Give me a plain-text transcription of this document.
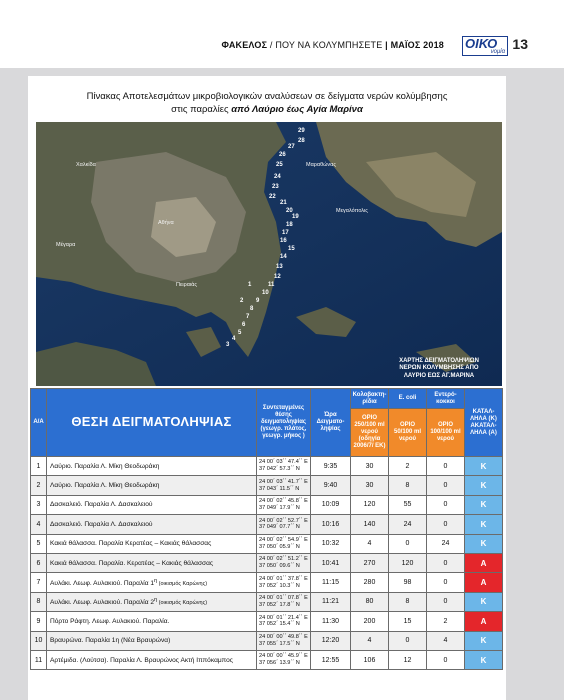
ΦΑΚΕΛΟΣ / ΠΟΥ ΝΑ ΚΟΛΥΜΠΗΣΕΤΕ | ΜΑΪΟΣ 2018 ΟΙΚΟ
νομία 13
Πίνακας Αποτελεσμάτων μικροβιολογικών αναλύσεων σε δείγματα νερών κολύμβησης
στις παραλίες από Λαύριο έως Αγία Μαρίνα
29
28
27
26
25
24
23
22
21
20
19
18
17
16
15
14
13
12
11
10
9
8
7
6
5
4
3
2
1
Αθήνα
Χαλκίδα
Μεγαλόπολις
Μαραθώνας
Μέγαρα
Πειραιάς
ΧΑΡΤΗΣ ΔΕΙΓΜΑΤΟΛΗΨΙΩΝ
ΝΕΡΩΝ ΚΟΛΥΜΒΗΣΗΣ ΑΠΟ
ΛΑΥΡΙΟ ΕΩΣ ΑΓ.ΜΑΡΙΝΑ
Α/Α	ΘΕΣΗ ΔΕΙΓΜΑΤΟΛΗΨΙΑΣ	Συντεταγμένες θέσης δειγματοληψίας (γεωγρ. πλάτος, γεωγρ. μήκος )	Ώρα Δειγματο-ληψίας	Κολοβακτη-ρίδια	E. coli	Εντερό-κοκκοι	ΚΑΤΑΛ-ΛΗΛΑ (Κ) ΑΚΑΤΑΛ-ΛΗΛΑ (Α)
				ΟΡΙΟ 250/100 ml νερού (οδηγία 2006/7/ ΕΚ)	ΟΡΙΟ 50/100 ml νερού	ΟΡΙΟ 100/100 ml νερού	
1	Λαύριο. Παραλία Λ. Μίκη Θεοδωράκη	24 00΄ 03΄΄ 47.4΄΄ Ε
37 042΄ 57.3΄΄ Ν	9:35	30	2	0	Κ
2	Λαύριο. Παραλία Λ. Μίκη Θεοδωράκη	24 00΄ 03΄΄ 41.7΄΄ Ε
37 043΄ 11.5΄΄ Ν	9:40	30	8	0	Κ
3	Δασκαλειό. Παραλία Λ. Δασκαλειού	24 00΄ 02΄΄ 45.8΄΄ Ε
37 049΄ 17.9΄΄ Ν	10:09	120	55	0	Κ
4	Δασκαλειό. Παραλία Λ. Δασκαλειού	24 00΄ 02΄΄ 52.7΄΄ Ε
37 049΄ 07.7΄΄ Ν	10:16	140	24	0	Κ
5	Κακιά θάλασσα. Παραλία Κερατέας – Κακιάς θάλασσας	24 00΄ 02΄΄ 54.9΄΄ Ε
37 050΄ 05.9΄΄ Ν	10:32	4	0	24	Κ
6	Κακιά θάλασσα. Παραλία. Κερατέας – Κακιάς θάλασσας	24 00΄ 02΄΄ 51.2΄΄ Ε
37 050΄ 09.6΄΄ Ν	10:41	270	120	0	Α
7	Αυλάκι. Λεωφ. Αυλακιού. Παραλία $1^\eta$ (οικισμός Καρώνης)	24 00΄ 01΄΄ 37.8΄΄ Ε
37 052΄ 10.3΄΄ Ν	11:15	280	98	0	Α
8	Αυλάκι. Λεωφ. Αυλακιού. Παραλία $2^\eta$ (οικισμός Καρώνης)	24 00΄ 01΄΄ 07.8΄΄ Ε
37 052΄ 17.8΄΄ Ν	11:21	80	8	0	Κ
9	Πόρτο Ράφτη. Λεωφ. Αυλακιού. Παραλία.	24 00΄ 01΄΄ 21.4΄΄ Ε
37 052΄ 15.4΄΄ Ν	11:30	200	15	2	Α
10	Βραυρώνα. Παραλία 1η (Νέα Βραυρώνα)	24 00΄ 00΄΄ 49.8΄΄ Ε
37 055΄ 17.5΄΄ Ν	12:20	4	0	4	Κ
11	Αρτέμιδα. (Λούτσα). Παραλία Λ. Βραυρώνος Ακτή Ιππόκαμπος	24 00΄ 00΄΄ 45.9΄΄ Ε
37 056΄ 13.9΄΄ Ν	12:55	106	12	0	Κ
